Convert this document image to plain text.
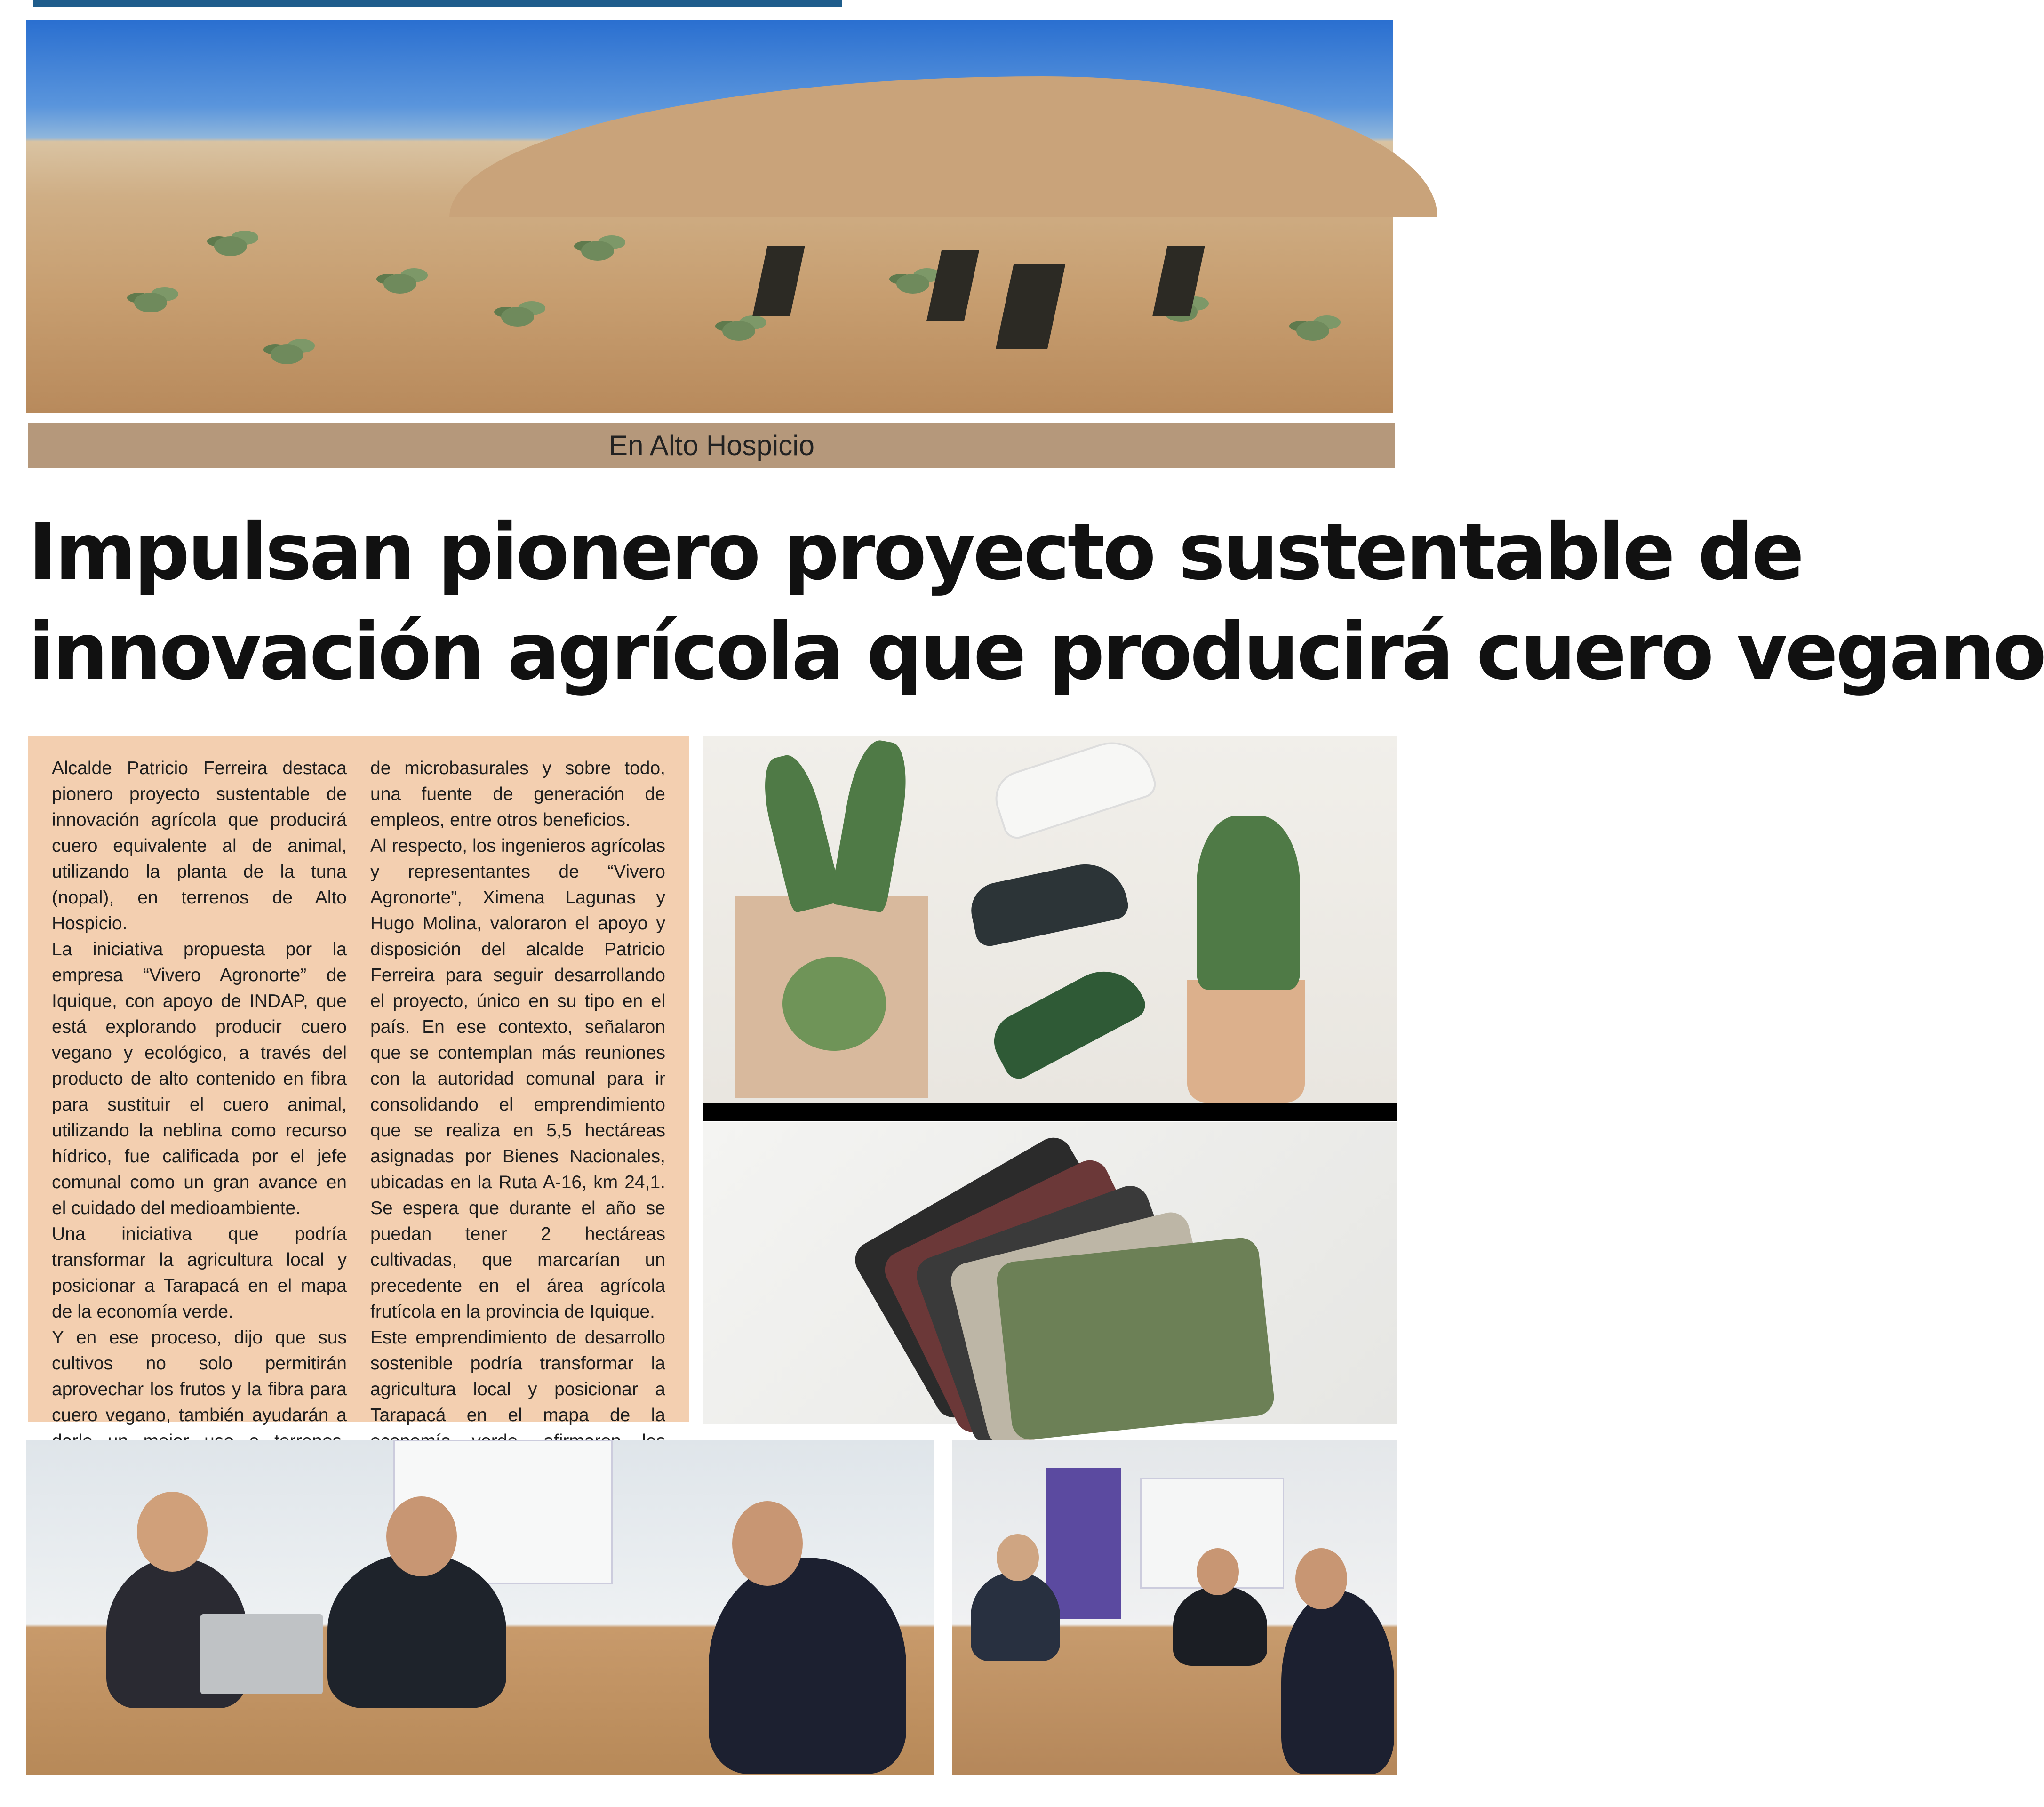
En Alto Hospicio
Impulsan pionero proyecto sustentable de
innovación agrícola que producirá cuero vegano

Alcalde Patricio Ferreira destaca pionero proyecto sustentable de innovación agrícola que producirá cuero equivalente al de animal, utilizando la planta de la tuna (nopal), en terrenos de Alto Hospicio.

La iniciativa propuesta por la empresa “Vivero Agronorte” de Iquique, con apoyo de INDAP, que está explorando producir cuero vegano y ecológico, a través del producto de alto contenido en fibra para sustituir el cuero animal, utilizando la neblina como recurso hídrico, fue calificada por el jefe comunal como un gran avance en el cuidado del medioambiente.

Una iniciativa que podría transformar la agricultura local y posicionar a Tarapacá en el mapa de la economía verde.

Y en ese proceso, dijo que sus cultivos no solo permitirán aprovechar los frutos y la fibra para cuero vegano, también ayudarán a

de microbasurales y sobre todo, una fuente de generación de empleos, entre otros beneficios.

Al respecto, los ingenieros agrícolas y representantes de “Vivero Agronorte”, Ximena Lagunas y Hugo Molina, valoraron el apoyo y disposición del alcalde Patricio Ferreira para seguir desarrollando el proyecto, único en su tipo en el país. En ese contexto, señalaron que se contemplan más reuniones con la autoridad comunal para ir consolidando el emprendimiento que se realiza en 5,5 hectáreas asignadas por Bienes Nacionales, ubicadas en la Ruta A-16, km 24,1. Se espera que durante el año se puedan tener 2 hectáreas cultivadas, que marcarían un precedente en el área agrícola frutícola en la provincia de Iquique.

Este emprendimiento de desarrollo sostenible podría transformar la agricultura local y posicionar a Tarapacá en el mapa de la
